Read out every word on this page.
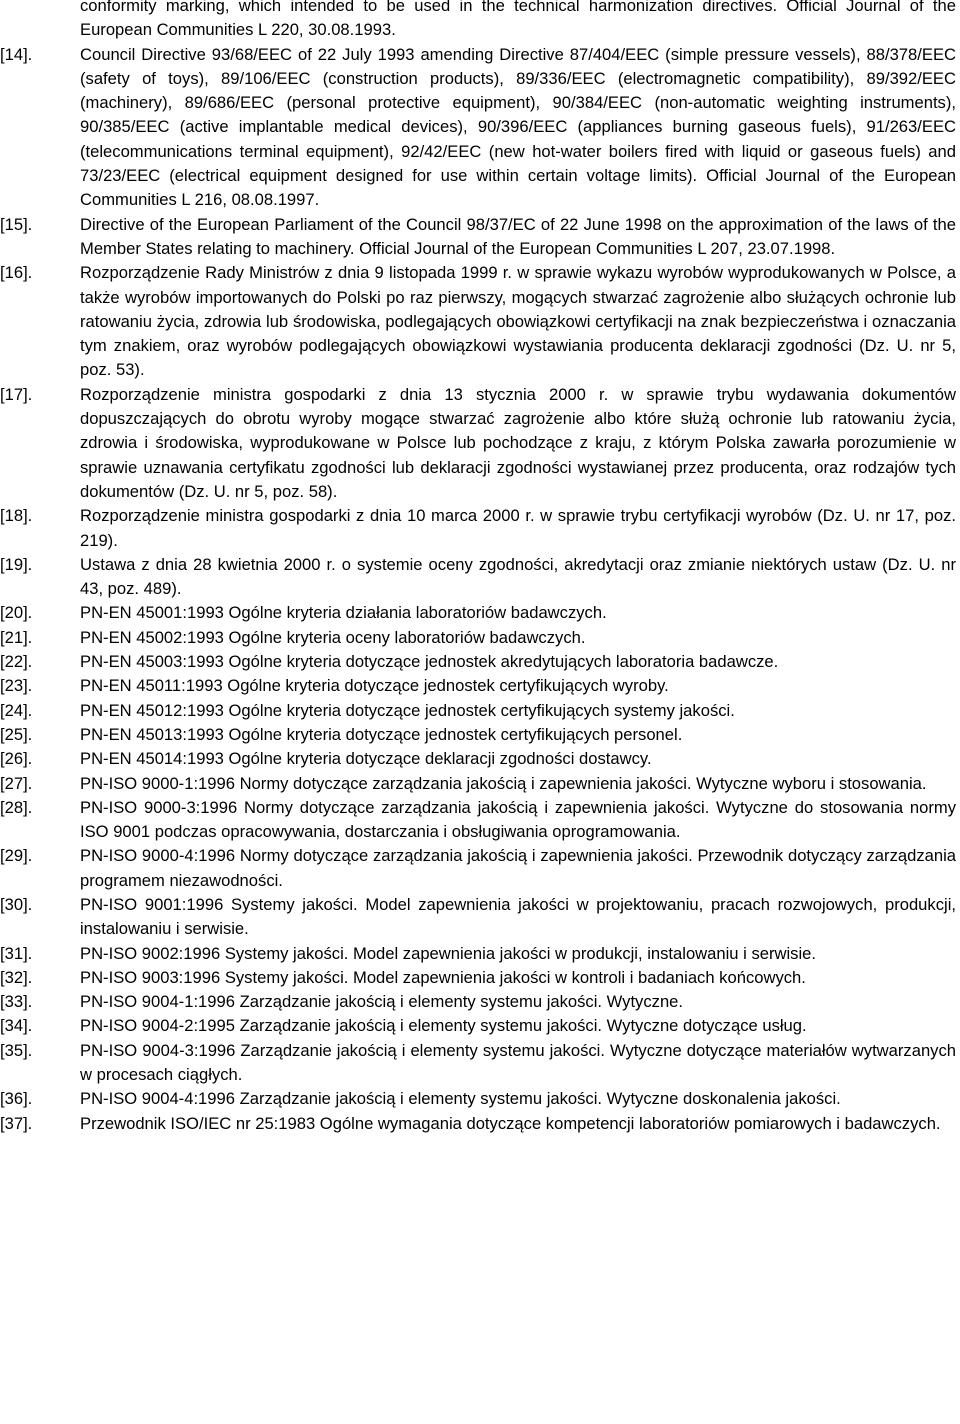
conformity marking, which intended to be used in the technical harmonization directives. Official Journal of the European Communities L 220, 30.08.1993.
[14].	Council Directive 93/68/EEC of 22 July 1993 amending Directive 87/404/EEC (simple pressure vessels), 88/378/EEC (safety of toys), 89/106/EEC (construction products), 89/336/EEC (electromagnetic compatibility), 89/392/EEC (machinery), 89/686/EEC (personal protective equipment), 90/384/EEC (non-automatic weighting instruments), 90/385/EEC (active implantable medical devices), 90/396/EEC (appliances burning gaseous fuels), 91/263/EEC (telecommunications terminal equipment), 92/42/EEC (new hot-water boilers fired with liquid or gaseous fuels) and 73/23/EEC (electrical equipment designed for use within certain voltage limits). Official Journal of the European Communities L 216, 08.08.1997.
[15].	Directive of the European Parliament of the Council 98/37/EC of 22 June 1998 on the approximation of the laws of the Member States relating to machinery. Official Journal of the European Communities L 207, 23.07.1998.
[16].	Rozporządzenie Rady Ministrów z dnia 9 listopada 1999 r. w sprawie wykazu wyrobów wyprodukowanych w Polsce, a także wyrobów importowanych do Polski po raz pierwszy, mogących stwarzać zagrożenie albo służących ochronie lub ratowaniu życia, zdrowia lub środowiska, podlegających obowiązkowi certyfikacji na znak bezpieczeństwa i oznaczania tym znakiem, oraz wyrobów podlegających obowiązkowi wystawiania producenta deklaracji zgodności (Dz. U. nr 5, poz. 53).
[17].	Rozporządzenie ministra gospodarki z dnia 13 stycznia 2000 r. w sprawie trybu wydawania dokumentów dopuszczających do obrotu wyroby mogące stwarzać zagrożenie albo które służą ochronie lub ratowaniu życia, zdrowia i środowiska, wyprodukowane w Polsce lub pochodzące z kraju, z którym Polska zawarła porozumienie w sprawie uznawania certyfikatu zgodności lub deklaracji zgodności wystawianej przez producenta, oraz rodzajów tych dokumentów (Dz. U. nr 5, poz. 58).
[18].	Rozporządzenie ministra gospodarki z dnia 10 marca 2000 r. w sprawie trybu certyfikacji wyrobów (Dz. U. nr 17, poz. 219).
[19].	Ustawa z dnia 28 kwietnia 2000 r. o systemie oceny zgodności, akredytacji oraz zmianie niektórych ustaw (Dz. U. nr 43, poz. 489).
[20].	PN-EN 45001:1993 Ogólne kryteria działania laboratoriów badawczych.
[21].	PN-EN 45002:1993 Ogólne kryteria oceny laboratoriów badawczych.
[22].	PN-EN 45003:1993 Ogólne kryteria dotyczące jednostek akredytujących laboratoria badawcze.
[23].	PN-EN 45011:1993 Ogólne kryteria dotyczące jednostek certyfikujących wyroby.
[24].	PN-EN 45012:1993 Ogólne kryteria dotyczące jednostek certyfikujących systemy jakości.
[25].	PN-EN 45013:1993 Ogólne kryteria dotyczące jednostek certyfikujących personel.
[26].	PN-EN 45014:1993 Ogólne kryteria dotyczące deklaracji zgodności dostawcy.
[27].	PN-ISO 9000-1:1996 Normy dotyczące zarządzania jakością i zapewnienia jakości. Wytyczne wyboru i stosowania.
[28].	PN-ISO 9000-3:1996 Normy dotyczące zarządzania jakością i zapewnienia jakości. Wytyczne do stosowania normy ISO 9001 podczas opracowywania, dostarczania i obsługiwania oprogramowania.
[29].	PN-ISO 9000-4:1996 Normy dotyczące zarządzania jakością i zapewnienia jakości. Przewodnik dotyczący zarządzania programem niezawodności.
[30].	PN-ISO 9001:1996 Systemy jakości. Model zapewnienia jakości w projektowaniu, pracach rozwojowych, produkcji, instalowaniu i serwisie.
[31].	PN-ISO 9002:1996 Systemy jakości. Model zapewnienia jakości w produkcji, instalowaniu i serwisie.
[32].	PN-ISO 9003:1996 Systemy jakości. Model zapewnienia jakości w kontroli i badaniach końcowych.
[33].	PN-ISO 9004-1:1996 Zarządzanie jakością i elementy systemu jakości. Wytyczne.
[34].	PN-ISO 9004-2:1995 Zarządzanie jakością i elementy systemu jakości. Wytyczne dotyczące usług.
[35].	PN-ISO 9004-3:1996 Zarządzanie jakością i elementy systemu jakości. Wytyczne dotyczące materiałów wytwarzanych w procesach ciągłych.
[36].	PN-ISO 9004-4:1996 Zarządzanie jakością i elementy systemu jakości. Wytyczne doskonalenia jakości.
[37].	Przewodnik ISO/IEC nr 25:1983 Ogólne wymagania dotyczące kompetencji laboratoriów pomiarowych i badawczych.
